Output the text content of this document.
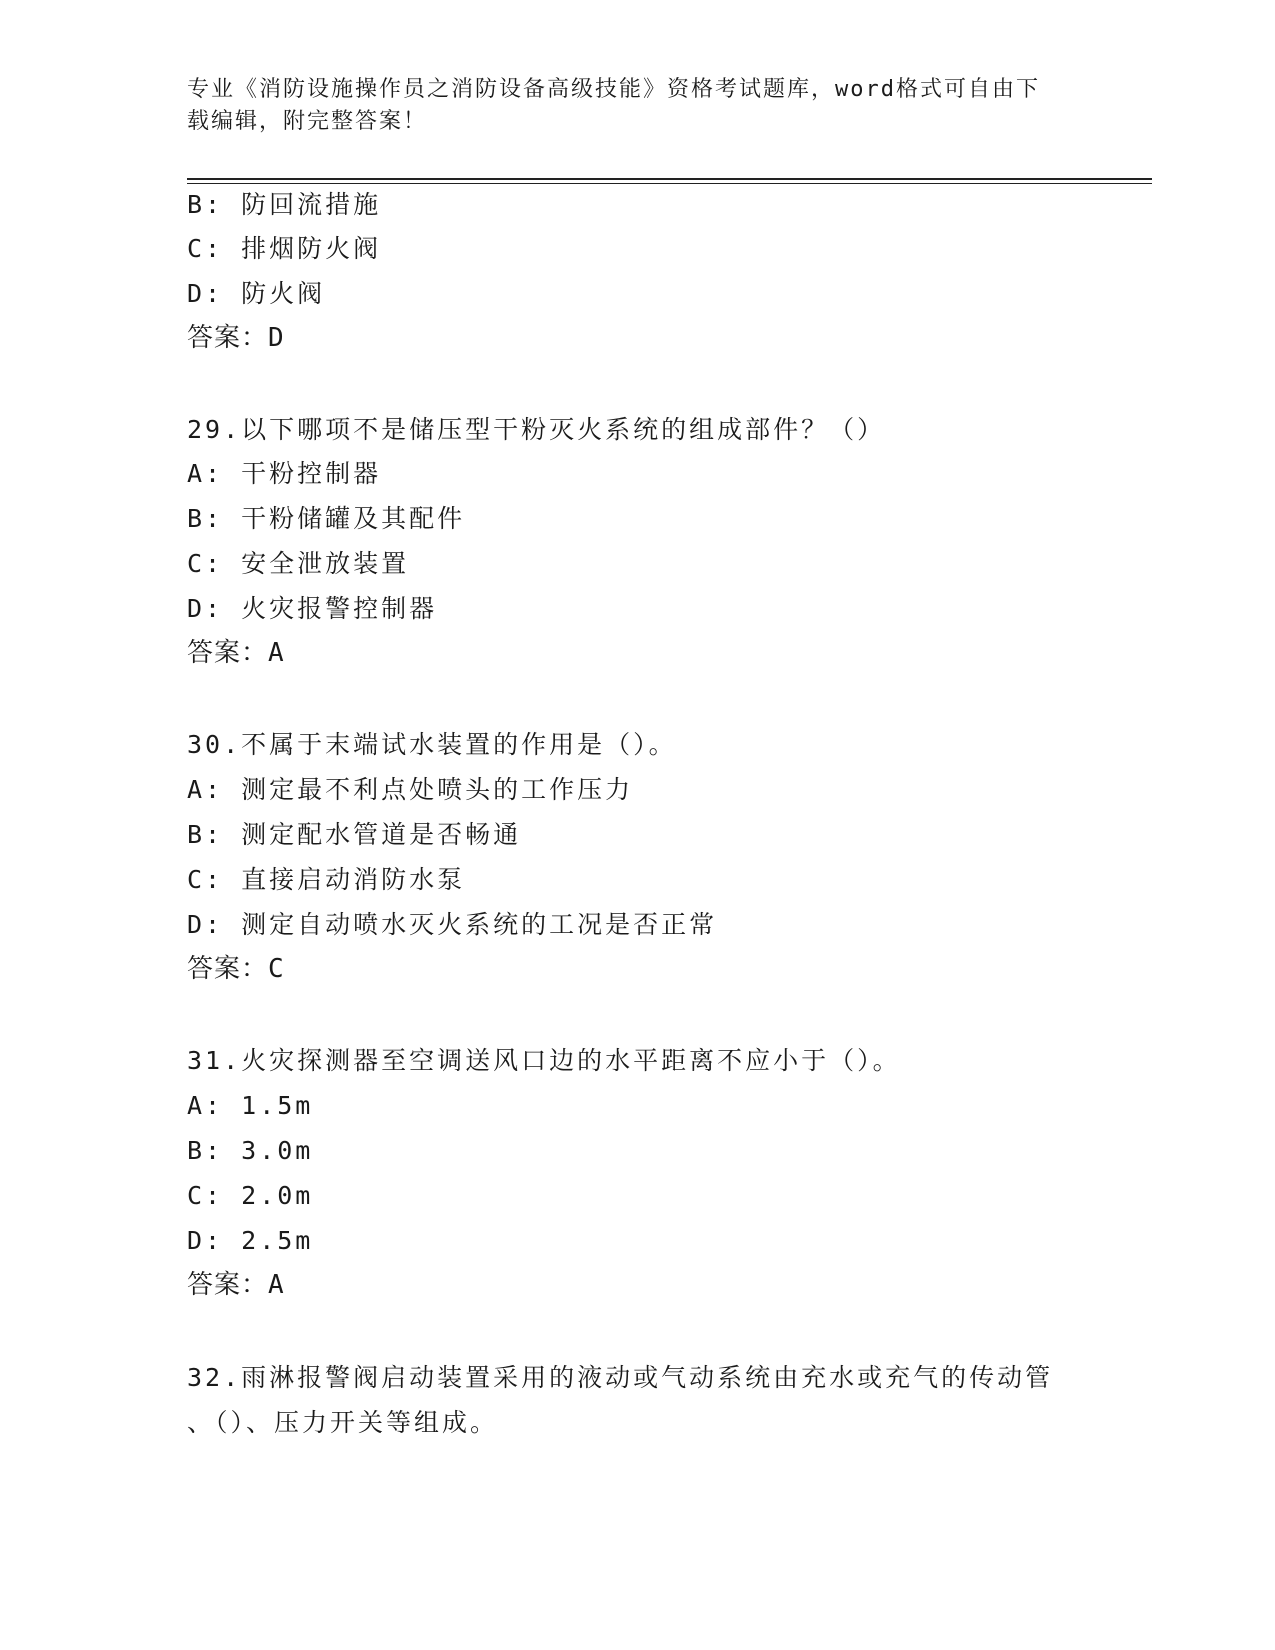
专业《消防设施操作员之消防设备高级技能》资格考试题库，word格式可自由下
载编辑，附完整答案！
B: 防回流措施
C: 排烟防火阀
D: 防火阀
答案：D
29.以下哪项不是储压型干粉灭火系统的组成部件？（）
A: 干粉控制器
B: 干粉储罐及其配件
C: 安全泄放装置
D: 火灾报警控制器
答案：A
30.不属于末端试水装置的作用是（）。
A: 测定最不利点处喷头的工作压力
B: 测定配水管道是否畅通
C: 直接启动消防水泵
D: 测定自动喷水灭火系统的工况是否正常
答案：C
31.火灾探测器至空调送风口边的水平距离不应小于（）。
A: 1.5m
B: 3.0m
C: 2.0m
D: 2.5m
答案：A
32.雨淋报警阀启动装置采用的液动或气动系统由充水或充气的传动管
、（）、压力开关等组成。
